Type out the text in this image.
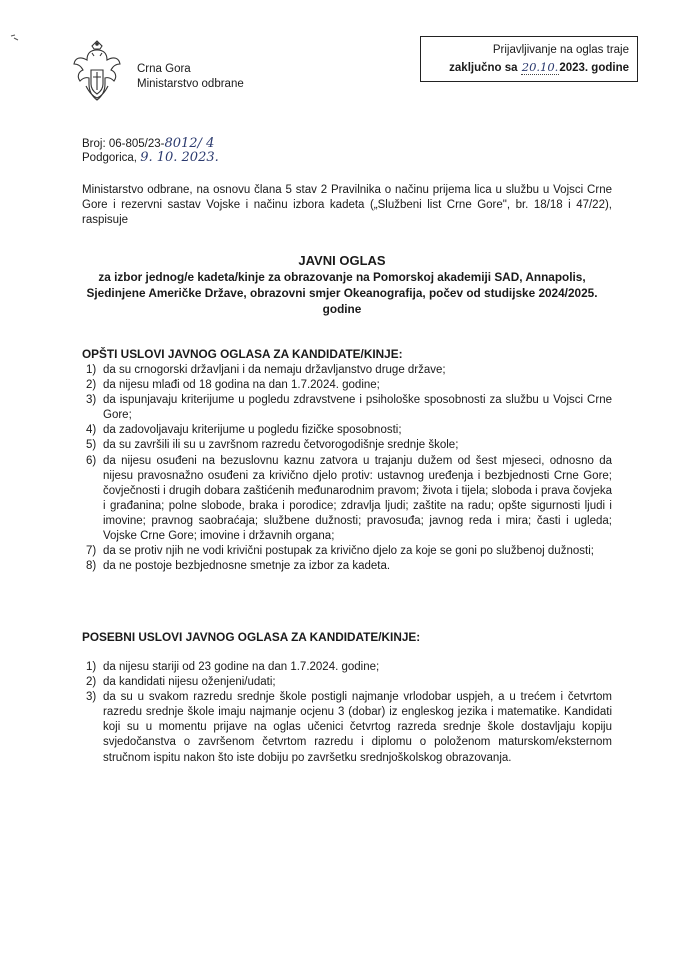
Crna Gora
Ministarstvo odbrane
Prijavljivanje na oglas traje
zaključno sa 20.10.2023. godine
Broj: 06-805/23-8012/ 4
Podgorica, 9. 10. 2023.
Ministarstvo odbrane, na osnovu člana 5 stav 2 Pravilnika o načinu prijema lica u službu u Vojsci Crne Gore i rezervni sastav Vojske i načinu izbora kadeta („Službeni list Crne Gore", br. 18/18 i 47/22), raspisuje
JAVNI OGLAS
za izbor jednog/e kadeta/kinje za obrazovanje na Pomorskoj akademiji SAD, Annapolis, Sjedinjene Američke Države, obrazovni smjer Okeanografija, počev od studijske 2024/2025. godine
OPŠTI USLOVI JAVNOG OGLASA ZA KANDIDATE/KINJE:
1) da su crnogorski državljani i da nemaju državljanstvo druge države;
2) da nijesu mlađi od 18 godina na dan 1.7.2024. godine;
3) da ispunjavaju kriterijume u pogledu zdravstvene i psihološke sposobnosti za službu u Vojsci Crne Gore;
4) da zadovoljavaju kriterijume u pogledu fizičke sposobnosti;
5) da su završili ili su u završnom razredu četvorogodišnje srednje škole;
6) da nijesu osuđeni na bezuslovnu kaznu zatvora u trajanju dužem od šest mjeseci, odnosno da nijesu pravosnažno osuđeni za krivično djelo protiv: ustavnog uređenja i bezbjednosti Crne Gore; čovječnosti i drugih dobara zaštićenih međunarodnim pravom; života i tijela; sloboda i prava čovjeka i građanina; polne slobode, braka i porodice; zdravlja ljudi; zaštite na radu; opšte sigurnosti ljudi i imovine; pravnog saobraćaja; službene dužnosti; pravosuđa; javnog reda i mira; časti i ugleda; Vojske Crne Gore; imovine i državnih organa;
7) da se protiv njih ne vodi krivični postupak za krivično djelo za koje se goni po službenoj dužnosti;
8) da ne postoje bezbjednosne smetnje za izbor za kadeta.
POSEBNI USLOVI JAVNOG OGLASA ZA KANDIDATE/KINJE:
1) da nijesu stariji od 23 godine na dan 1.7.2024. godine;
2) da kandidati nijesu oženjeni/udati;
3) da su u svakom razredu srednje škole postigli najmanje vrlodobar uspjeh, a u trećem i četvrtom razredu srednje škole imaju najmanje ocjenu 3 (dobar) iz engleskog jezika i matematike. Kandidati koji su u momentu prijave na oglas učenici četvrtog razreda srednje škole dostavljaju kopiju svjedočanstva o završenom četvrtom razredu i diplomu o položenom maturskom/eksternom stručnom ispitu nakon što iste dobiju po završetku srednjoškolskog obrazovanja.
